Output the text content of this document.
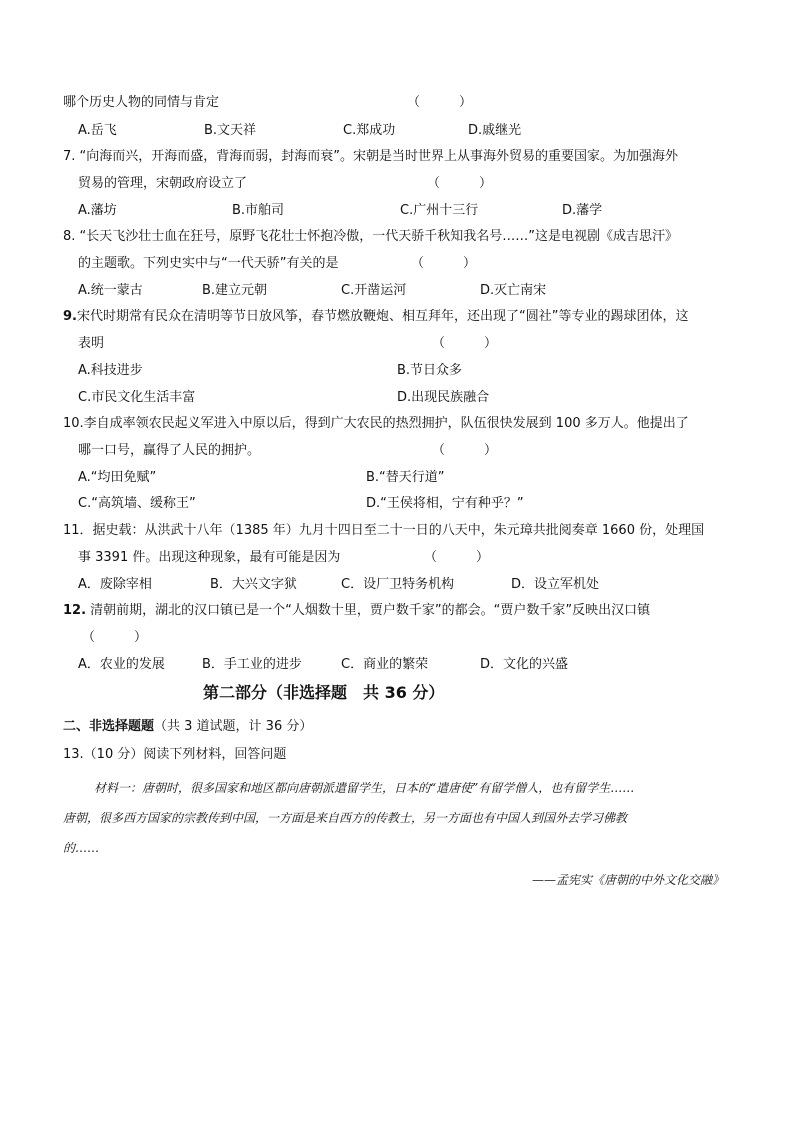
哪个历史人物的同情与肯定	（　　　）
A.岳飞	B.文天祥	C.郑成功	D.戚继光
7. “向海而兴，开海而盛，背海而弱，封海而衰”。宋朝是当时世界上从事海外贸易的重要国家。为加强海外
贸易的管理，宋朝政府设立了	（　　　）
A.藩坊	B.市舶司	C.广州十三行	D.藩学
8. “长天飞沙壮士血在狂号，原野飞花壮士怀抱冷傲，一代天骄千秋知我名号……”这是电视剧《成吉思汗》
的主题歌。下列史实中与“一代天骄”有关的是	（　　　）
A.统一蒙古	B.建立元朝	C.开凿运河	D.灭亡南宋
9.宋代时期常有民众在清明等节日放风筝，春节燃放鞭炮、相互拜年，还出现了“圆社”等专业的踢球团体，这
表明	（　　　）
A.科技进步	B.节日众多
C.市民文化生活丰富	D.出现民族融合
10.李自成率领农民起义军进入中原以后，得到广大农民的热烈拥护，队伍很快发展到 100 多万人。他提出了
哪一口号，赢得了人民的拥护。	（　　　）
A.“均田免赋”	B.“替天行道”
C.“高筑墙、缓称王”	D.“王侯将相，宁有种乎？”
11．据史载：从洪武十八年（1385 年）九月十四日至二十一日的八天中，朱元璋共批阅奏章 1660 份，处理国
事 3391 件。出现这种现象，最有可能是因为	（　　　）
A．废除宰相	B．大兴文字狱	C．设厂卫特务机构	D．设立军机处
12. 清朝前期，湖北的汉口镇已是一个“人烟数十里，贾户数千家”的都会。“贾户数千家”反映出汉口镇
（　　　）
A．农业的发展	B．手工业的进步	C．商业的繁荣	D．文化的兴盛
第二部分（非选择题　共 36 分）
二、非选择题题（共 3 道试题，计 36 分）
13.（10 分）阅读下列材料，回答问题
材料一：唐朝时，很多国家和地区都向唐朝派遣留学生，日本的“遣唐使”有留学僧人，也有留学生……
唐朝，很多西方国家的宗教传到中国，一方面是来自西方的传教士，另一方面也有中国人到国外去学习佛教
的……
——孟宪实《唐朝的中外文化交融》
